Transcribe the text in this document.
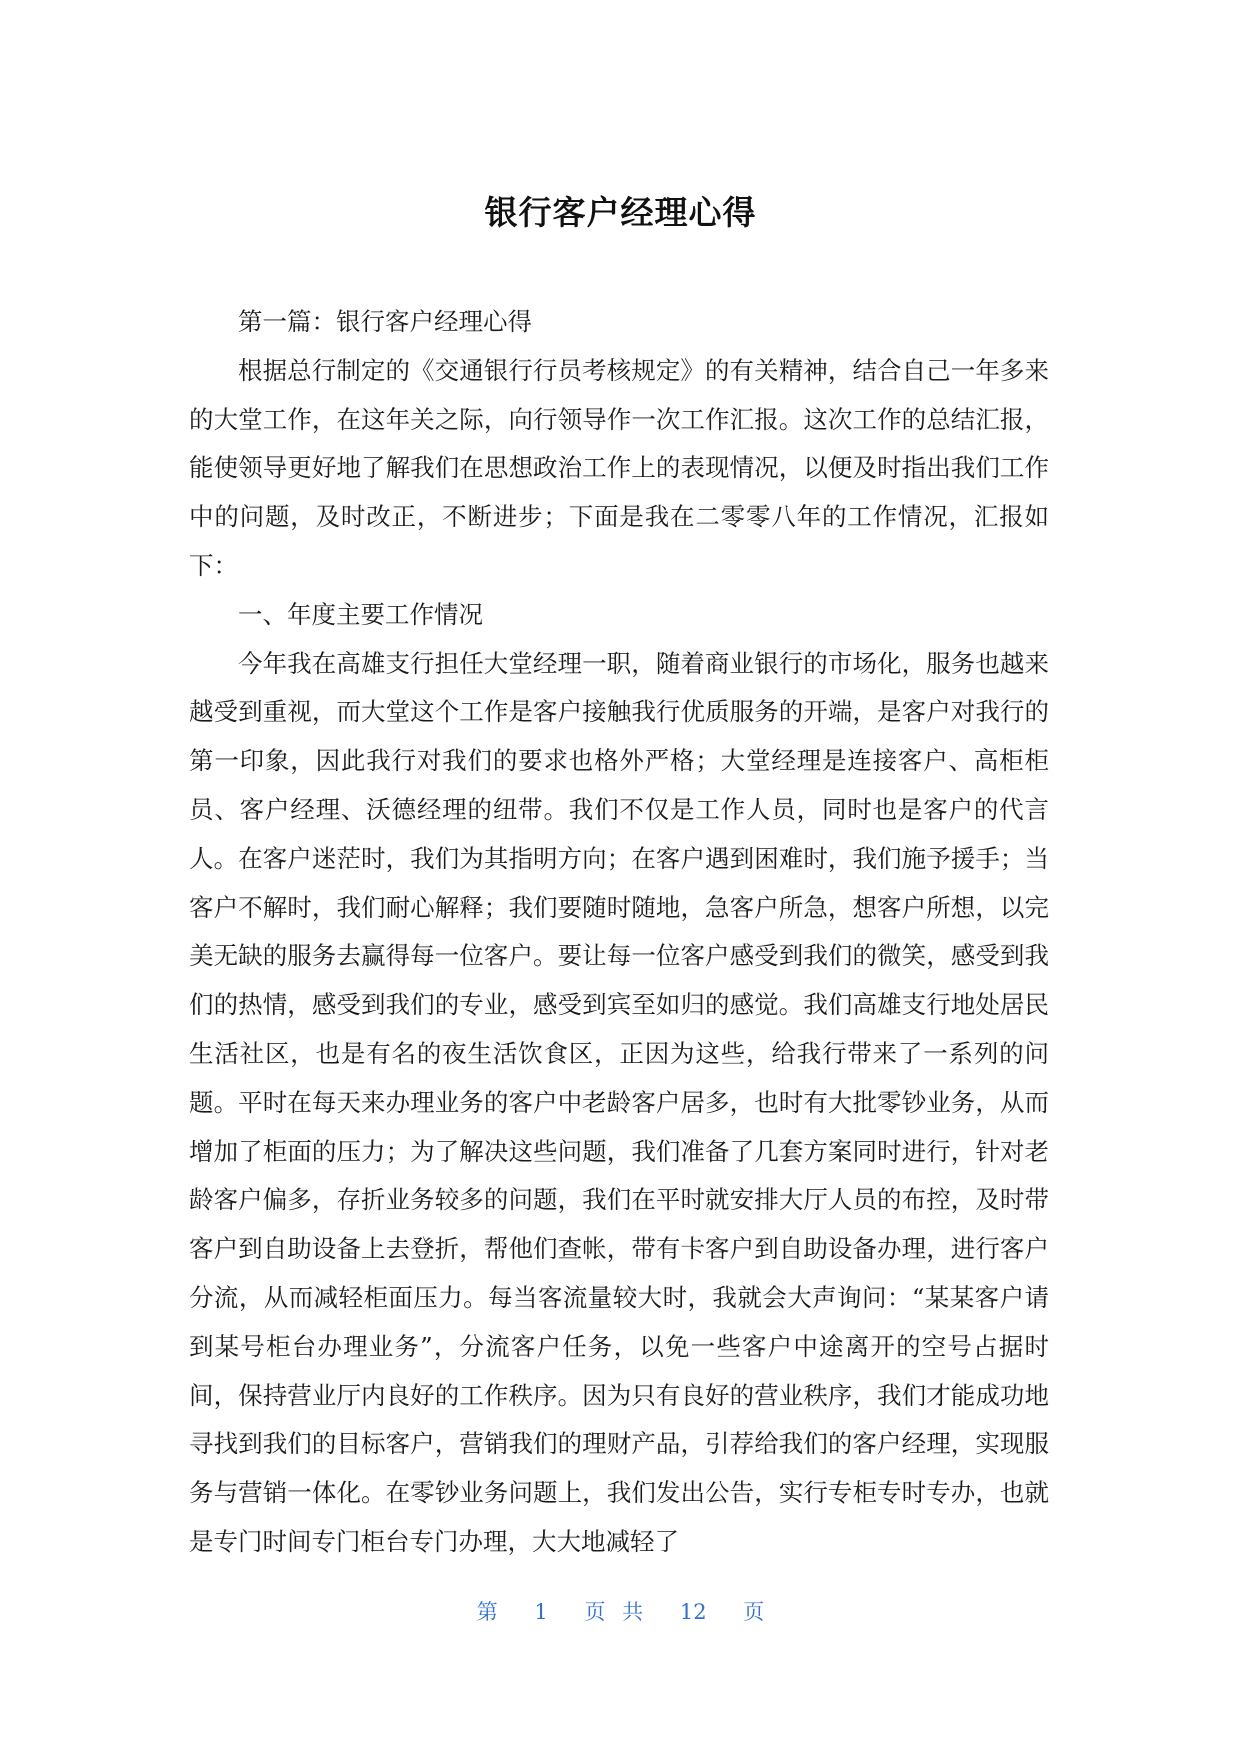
银行客户经理心得

第一篇：银行客户经理心得

根据总行制定的《交通银行行员考核规定》的有关精神，结合自己一年多来的大堂工作，在这年关之际，向行领导作一次工作汇报。这次工作的总结汇报，能使领导更好地了解我们在思想政治工作上的表现情况，以便及时指出我们工作中的问题，及时改正，不断进步；下面是我在二零零八年的工作情况，汇报如下：

一、年度主要工作情况

今年我在高雄支行担任大堂经理一职，随着商业银行的市场化，服务也越来越受到重视，而大堂这个工作是客户接触我行优质服务的开端，是客户对我行的第一印象，因此我行对我们的要求也格外严格；大堂经理是连接客户、高柜柜员、客户经理、沃德经理的纽带。我们不仅是工作人员，同时也是客户的代言人。在客户迷茫时，我们为其指明方向；在客户遇到困难时，我们施予援手；当客户不解时，我们耐心解释；我们要随时随地，急客户所急，想客户所想，以完美无缺的服务去赢得每一位客户。要让每一位客户感受到我们的微笑，感受到我们的热情，感受到我们的专业，感受到宾至如归的感觉。我们高雄支行地处居民生活社区，也是有名的夜生活饮食区，正因为这些，给我行带来了一系列的问题。平时在每天来办理业务的客户中老龄客户居多，也时有大批零钞业务，从而增加了柜面的压力；为了解决这些问题，我们准备了几套方案同时进行，针对老龄客户偏多，存折业务较多的问题，我们在平时就安排大厅人员的布控，及时带客户到自助设备上去登折，帮他们查帐，带有卡客户到自助设备办理，进行客户分流，从而减轻柜面压力。每当客流量较大时，我就会大声询问：“某某客户请到某号柜台办理业务”，分流客户任务，以免一些客户中途离开的空号占据时间，保持营业厅内良好的工作秩序。因为只有良好的营业秩序，我们才能成功地寻找到我们的目标客户，营销我们的理财产品，引荐给我们的客户经理，实现服务与营销一体化。在零钞业务问题上，我们发出公告，实行专柜专时专办，也就是专门时间专门柜台专门办理，大大地减轻了

第 1 页 共 12 页
